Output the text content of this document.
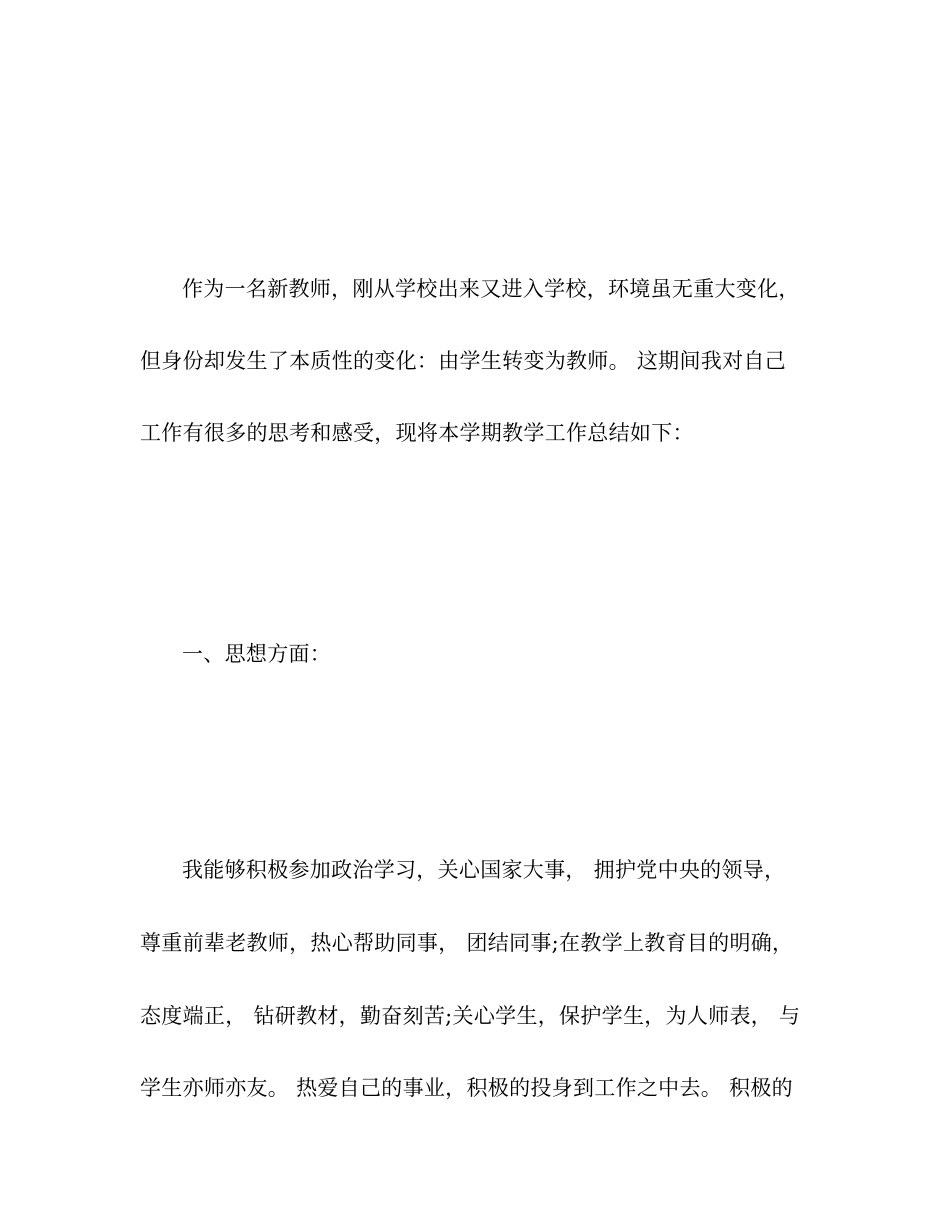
作为一名新教师，刚从学校出来又进入学校，环境虽无重大变化，
但身份却发生了本质性的变化：由学生转变为教师。 这期间我对自己
工作有很多的思考和感受，现将本学期教学工作总结如下：
一、思想方面：
我能够积极参加政治学习，关心国家大事， 拥护党中央的领导，
尊重前辈老教师，热心帮助同事， 团结同事;在教学上教育目的明确，
态度端正， 钻研教材，勤奋刻苦;关心学生，保护学生，为人师表， 与
学生亦师亦友。 热爱自己的事业，积极的投身到工作之中去。 积极的
